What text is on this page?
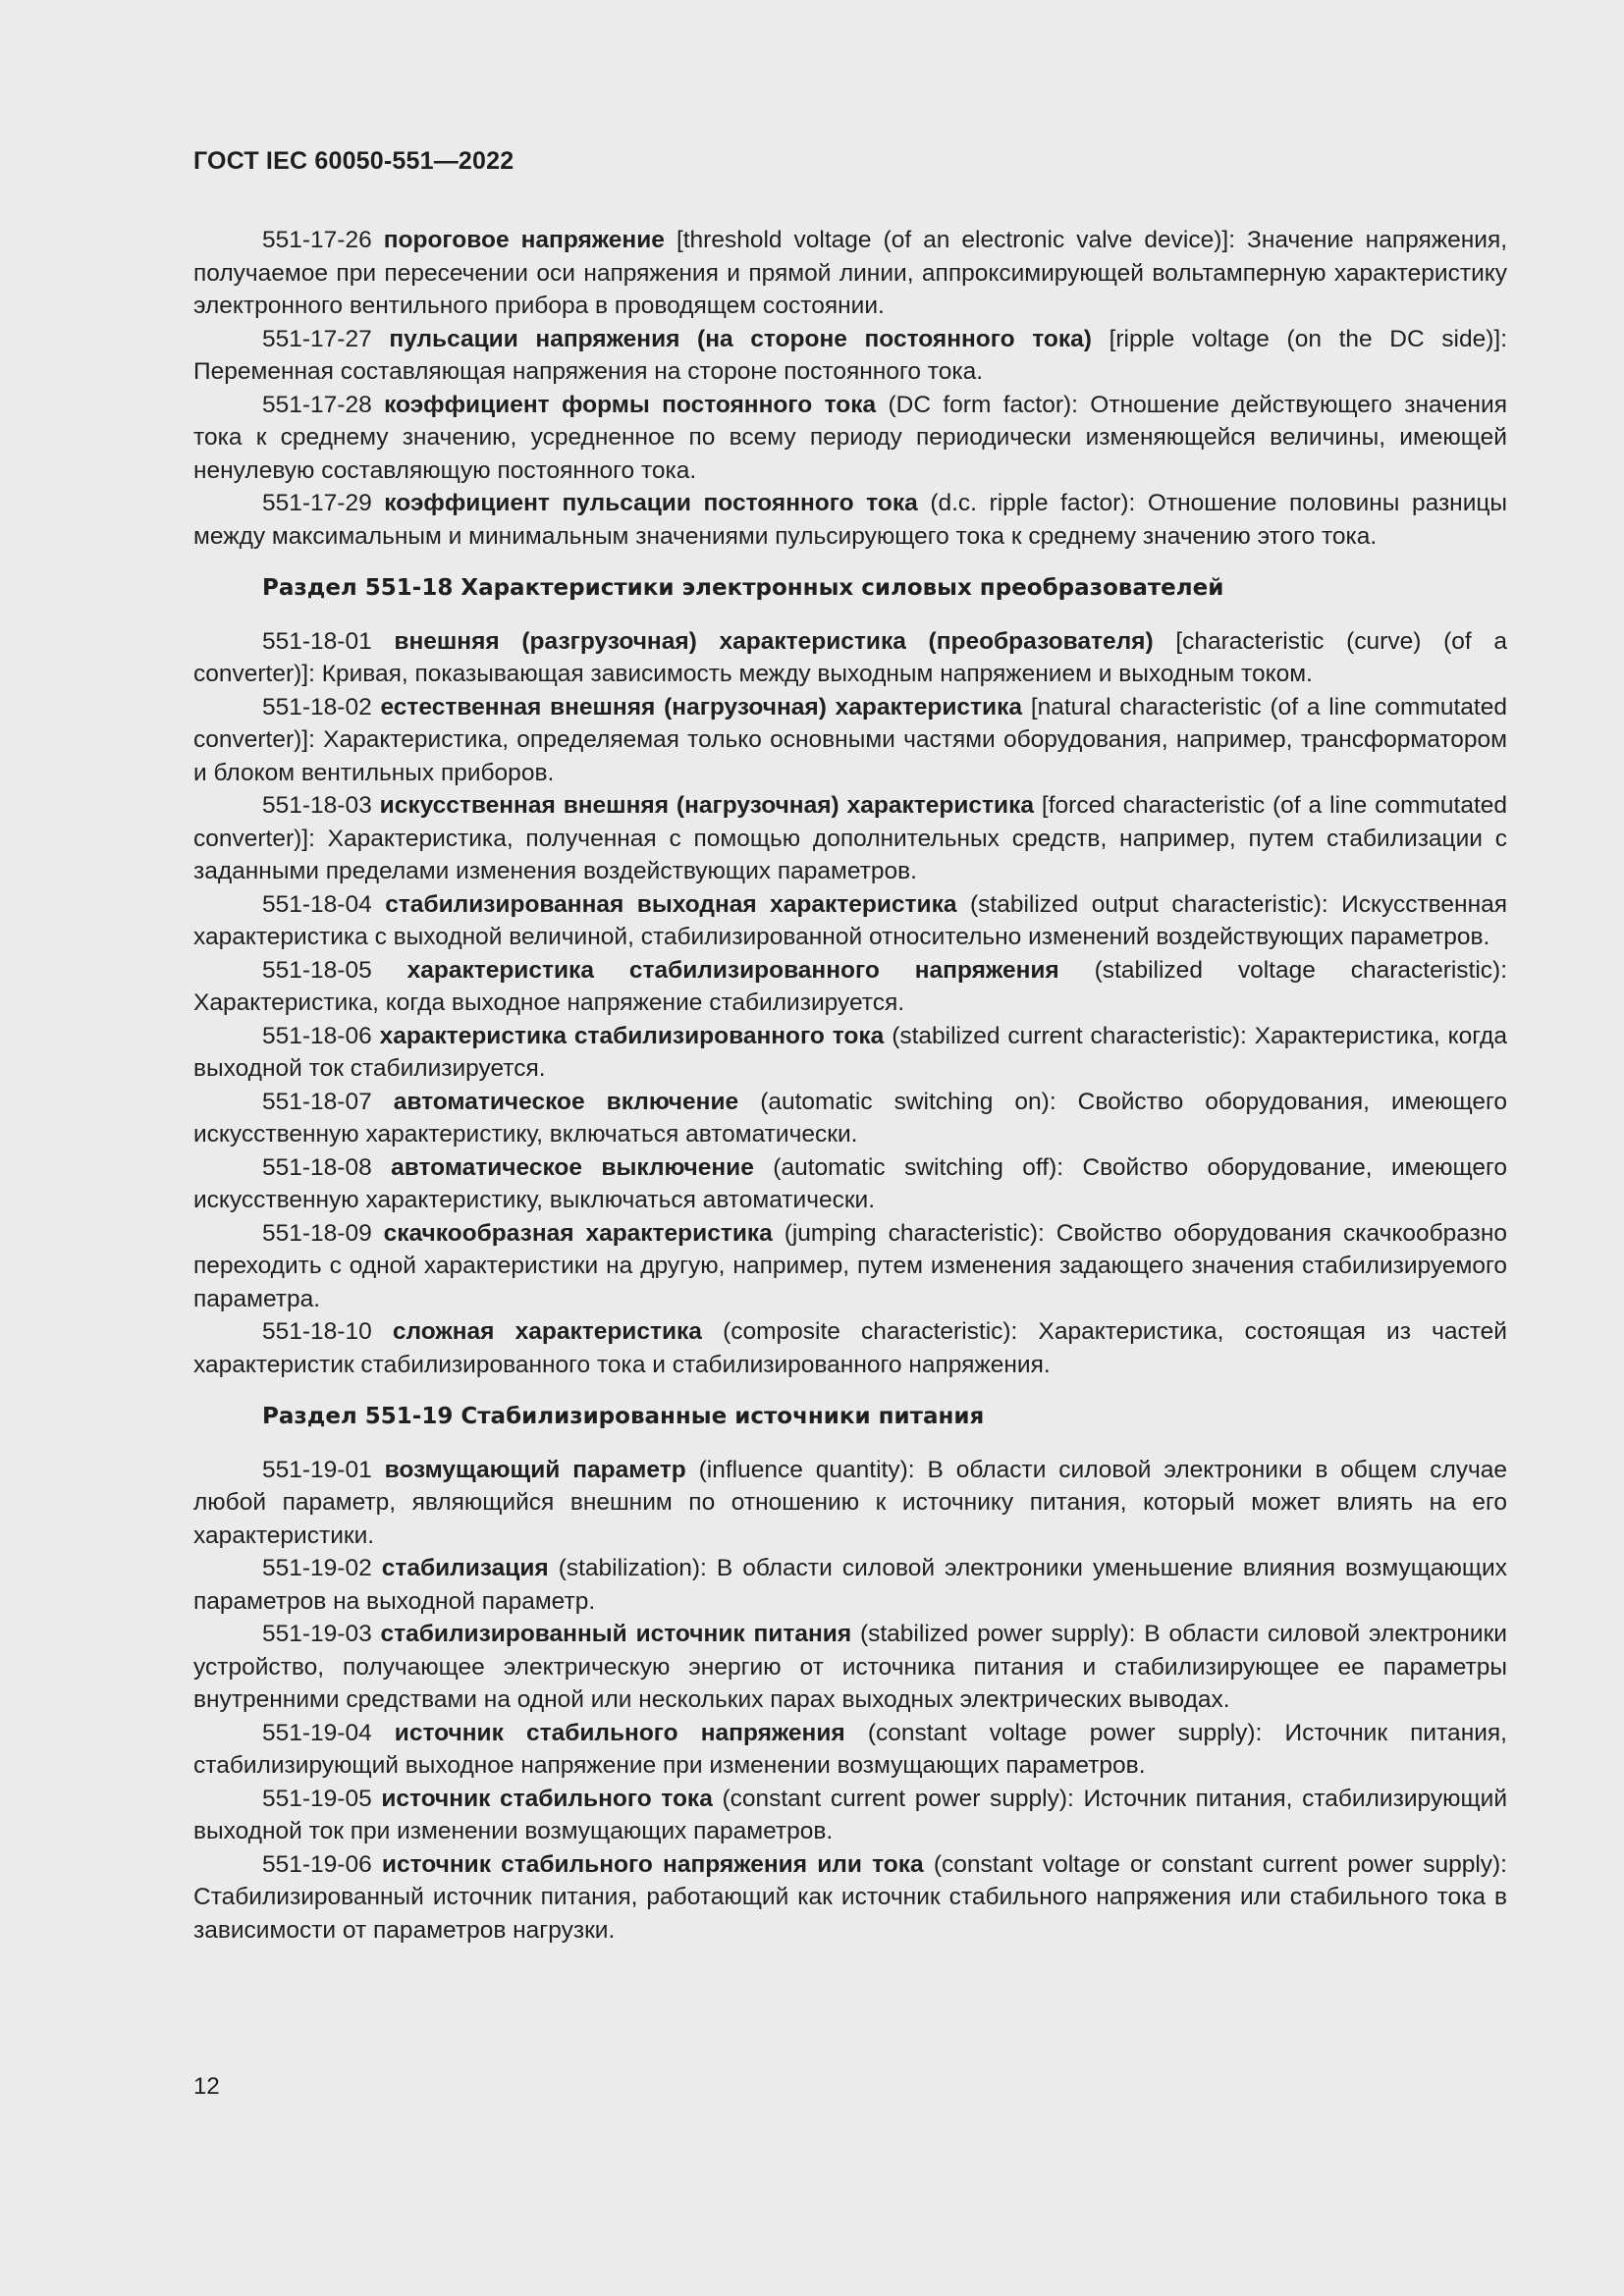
ГОСТ IEC 60050-551—2022

551-17-26 пороговое напряжение [threshold voltage (of an electronic valve device)]: Значение напряжения, получаемое при пересечении оси напряжения и прямой линии, аппроксимирующей вольтамперную характеристику электронного вентильного прибора в проводящем состоянии.

551-17-27 пульсации напряжения (на стороне постоянного тока) [ripple voltage (on the DC side)]: Переменная составляющая напряжения на стороне постоянного тока.

551-17-28 коэффициент формы постоянного тока (DC form factor): Отношение действующего значения тока к среднему значению, усредненное по всему периоду периодически изменяющейся величины, имеющей ненулевую составляющую постоянного тока.

551-17-29 коэффициент пульсации постоянного тока (d.c. ripple factor): Отношение половины разницы между максимальным и минимальным значениями пульсирующего тока к среднему значению этого тока.

Раздел 551-18 Характеристики электронных силовых преобразователей

551-18-01 внешняя (разгрузочная) характеристика (преобразователя) [characteristic (curve) (of a converter)]: Кривая, показывающая зависимость между выходным напряжением и выходным током.

551-18-02 естественная внешняя (нагрузочная) характеристика [natural characteristic (of a line commutated converter)]: Характеристика, определяемая только основными частями оборудования, например, трансформатором и блоком вентильных приборов.

551-18-03 искусственная внешняя (нагрузочная) характеристика [forced characteristic (of a line commutated converter)]: Характеристика, полученная с помощью дополнительных средств, например, путем стабилизации с заданными пределами изменения воздействующих параметров.

551-18-04 стабилизированная выходная характеристика (stabilized output characteristic): Искусственная характеристика с выходной величиной, стабилизированной относительно изменений воздействующих параметров.

551-18-05 характеристика стабилизированного напряжения (stabilized voltage characteristic): Характеристика, когда выходное напряжение стабилизируется.

551-18-06 характеристика стабилизированного тока (stabilized current characteristic): Характеристика, когда выходной ток стабилизируется.

551-18-07 автоматическое включение (automatic switching on): Свойство оборудования, имеющего искусственную характеристику, включаться автоматически.

551-18-08 автоматическое выключение (automatic switching off): Свойство оборудование, имеющего искусственную характеристику, выключаться автоматически.

551-18-09 скачкообразная характеристика (jumping characteristic): Свойство оборудования скачкообразно переходить с одной характеристики на другую, например, путем изменения задающего значения стабилизируемого параметра.

551-18-10 сложная характеристика (composite characteristic): Характеристика, состоящая из частей характеристик стабилизированного тока и стабилизированного напряжения.

Раздел 551-19 Стабилизированные источники питания

551-19-01 возмущающий параметр (influence quantity): В области силовой электроники в общем случае любой параметр, являющийся внешним по отношению к источнику питания, который может влиять на его характеристики.

551-19-02 стабилизация (stabilization): В области силовой электроники уменьшение влияния возмущающих параметров на выходной параметр.

551-19-03 стабилизированный источник питания (stabilized power supply): В области силовой электроники устройство, получающее электрическую энергию от источника питания и стабилизирующее ее параметры внутренними средствами на одной или нескольких парах выходных электрических выводах.

551-19-04 источник стабильного напряжения (constant voltage power supply): Источник питания, стабилизирующий выходное напряжение при изменении возмущающих параметров.

551-19-05 источник стабильного тока (constant current power supply): Источник питания, стабилизирующий выходной ток при изменении возмущающих параметров.

551-19-06 источник стабильного напряжения или тока (constant voltage or constant current power supply): Стабилизированный источник питания, работающий как источник стабильного напряжения или стабильного тока в зависимости от параметров нагрузки.

12
